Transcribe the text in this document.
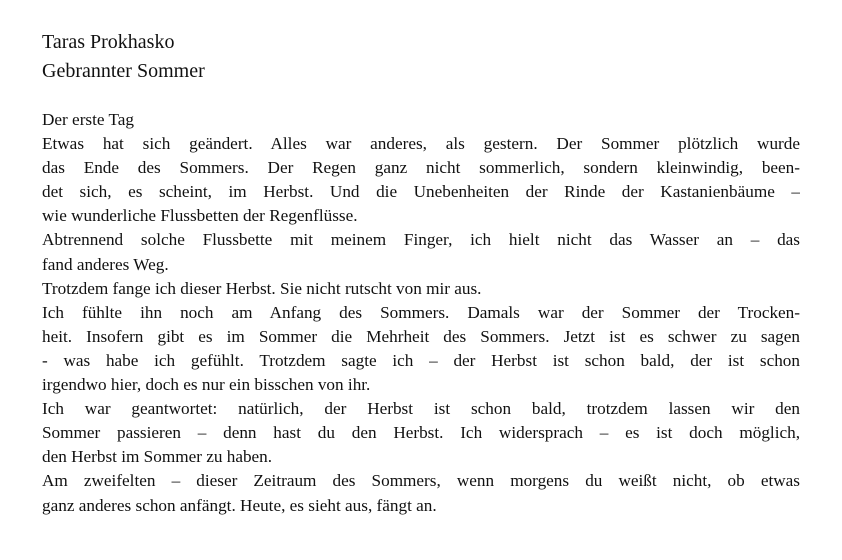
Taras Prokhasko
Gebrannter Sommer
Der erste Tag
Etwas hat sich geändert. Alles war anderes, als gestern. Der Sommer plötzlich wurde
das Ende des Sommers. Der Regen ganz nicht sommerlich, sondern kleinwindig, been-
det sich, es scheint, im Herbst. Und die Unebenheiten der Rinde der Kastanienbäume –
wie wunderliche Flussbetten der Regenflüsse.
Abtrennend solche Flussbette mit meinem Finger, ich hielt nicht das Wasser an – das
fand anderes Weg.
Trotzdem fange ich dieser Herbst. Sie nicht rutscht von mir aus.
Ich fühlte ihn noch am Anfang des Sommers. Damals war der Sommer der Trocken-
heit. Insofern gibt es im Sommer die Mehrheit des Sommers. Jetzt ist es schwer zu sagen
- was habe ich gefühlt. Trotzdem sagte ich – der Herbst ist schon bald, der ist schon
irgendwo hier, doch es nur ein bisschen von ihr.
Ich war geantwortet: natürlich, der Herbst ist schon bald, trotzdem lassen wir den
Sommer passieren – denn hast du den Herbst. Ich widersprach – es ist doch möglich,
den Herbst im Sommer zu haben.
Am zweifelten – dieser Zeitraum des Sommers, wenn morgens du weißt nicht, ob etwas
ganz anderes schon anfängt. Heute, es sieht aus, fängt an.
